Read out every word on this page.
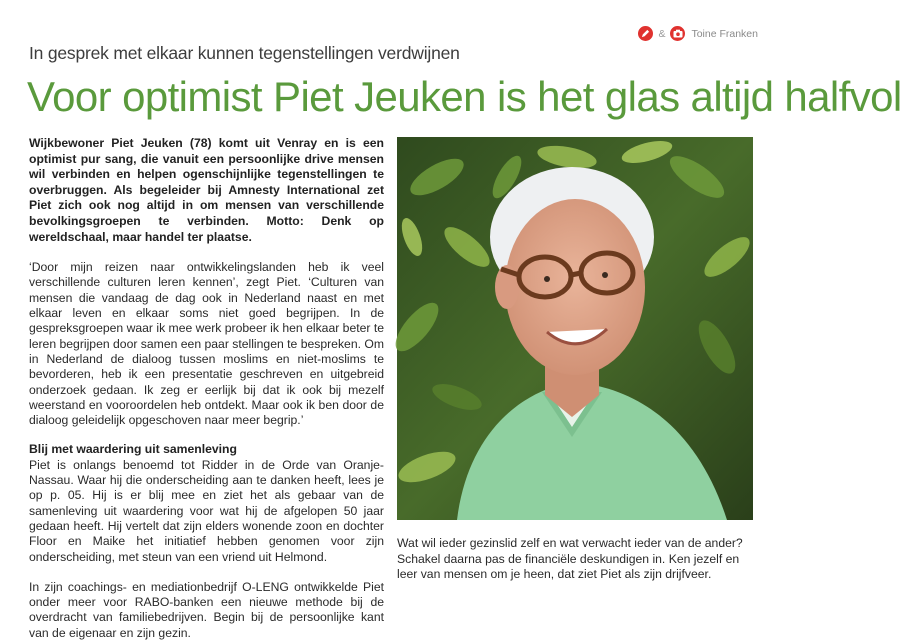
& Toine Franken
In gesprek met elkaar kunnen tegenstellingen verdwijnen
Voor optimist Piet Jeuken is het glas altijd halfvol

Wijkbewoner Piet Jeuken (78) komt uit Venray en is een optimist pur sang, die vanuit een persoonlijke drive mensen wil verbinden en helpen ogenschijnlijke tegenstellingen te overbruggen. Als begeleider bij Amnesty International zet Piet zich ook nog altijd in om mensen van verschillende bevolkingsgroepen te verbinden. Motto: Denk op wereldschaal, maar handel ter plaatse.

‘Door mijn reizen naar ontwikkelingslanden heb ik veel verschillende culturen leren kennen’, zegt Piet. ‘Culturen van mensen die vandaag de dag ook in Nederland naast en met elkaar leven en elkaar soms niet goed begrijpen. In de gespreksgroepen waar ik mee werk probeer ik hen elkaar beter te leren begrijpen door samen een paar stellingen te bespreken. Om in Nederland de dialoog tussen moslims en niet-moslims te bevorderen, heb ik een presentatie geschreven en uitgebreid onderzoek gedaan. Ik zeg er eerlijk bij dat ik ook bij mezelf weerstand en vooroordelen heb ontdekt. Maar ook ik ben door de dialoog geleidelijk opgeschoven naar meer begrip.’

Blij met waardering uit samenleving

Piet is onlangs benoemd tot Ridder in de Orde van Oranje-Nassau. Waar hij die onderscheiding aan te danken heeft, lees je op p. 05. Hij is er blij mee en ziet het als gebaar van de samenleving uit waardering voor wat hij de afgelopen 50 jaar gedaan heeft. Hij vertelt dat zijn elders wonende zoon en dochter Floor en Maike het initiatief hebben genomen voor zijn onderscheiding, met steun van een vriend uit Helmond.

In zijn coachings- en mediationbedrijf O-LENG ontwikkelde Piet onder meer voor RABO-banken een nieuwe methode bij de overdracht van familiebedrijven. Begin bij de persoonlijke kant van de eigenaar en zijn gezin.

Wat wil ieder gezinslid zelf en wat verwacht ieder van de ander? Schakel daarna pas de financiële deskundigen in. Ken jezelf en leer van mensen om je heen, dat ziet Piet als zijn drijfveer.
